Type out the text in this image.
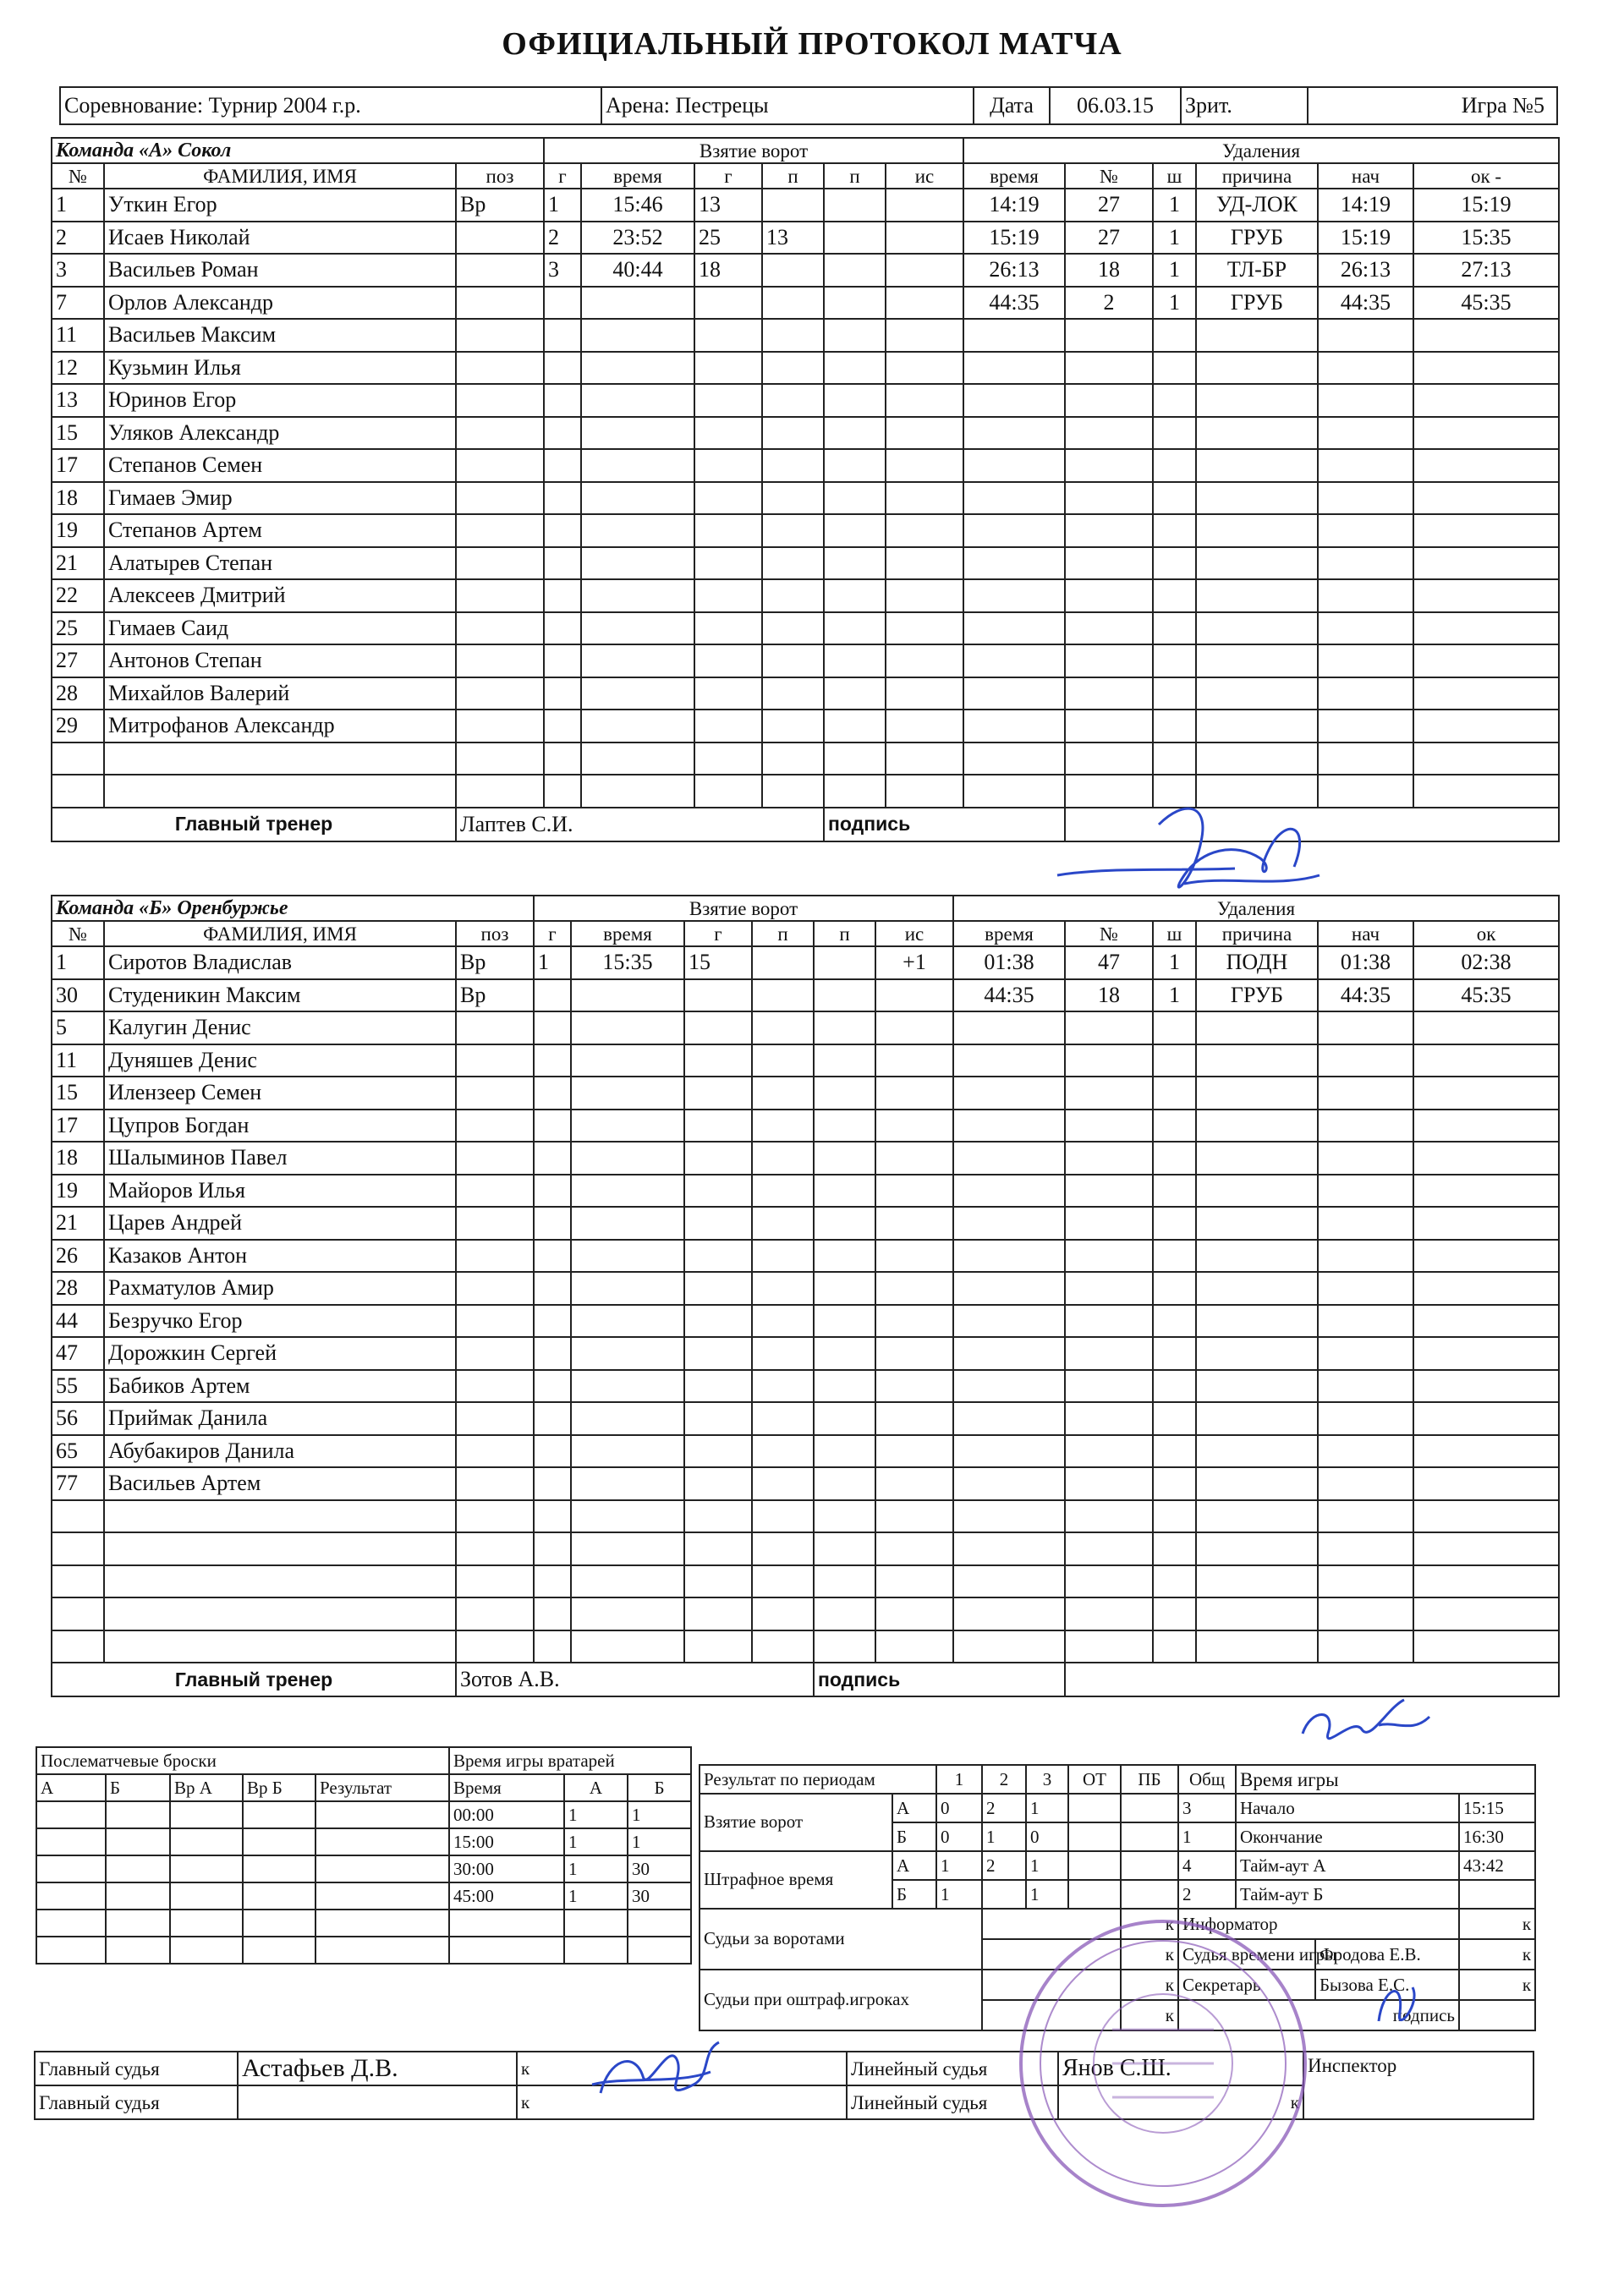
ОФИЦИАЛЬНЫЙ ПРОТОКОЛ МАТЧА
Соревнование: Турнир 2004 г.р.	Арена: Пестрецы	Дата	06.03.15	Зрит.	Игра №5
Команда «А» Сокол			Взятие ворот						Удаления					
№	ФАМИЛИЯ, ИМЯ	поз	г	время	г	п	п	ис	время	№	ш	причина	нач	ок -
1	Уткин Егор	Вр	1	15:46	13				14:19	27	1	УД-ЛОК	14:19	15:19
2	Исаев Николай		2	23:52	25	13			15:19	27	1	ГРУБ	15:19	15:35
3	Васильев Роман		3	40:44	18				26:13	18	1	ТЛ-БР	26:13	27:13
7	Орлов Александр								44:35	2	1	ГРУБ	44:35	45:35
11	Васильев Максим													
12	Кузьмин Илья													
13	Юринов Егор													
15	Уляков Александр													
17	Степанов Семен													
18	Гимаев Эмир													
19	Степанов Артем													
21	Алатырев Степан													
22	Алексеев Дмитрий													
25	Гимаев Саид													
27	Антонов Степан													
28	Михайлов Валерий													
29	Митрофанов Александр													

Главный тренер		Лаптев С.И.					подпись							
Команда «Б» Оренбуржье			Взятие ворот						Удаления					
№	ФАМИЛИЯ, ИМЯ	поз	г	время	г	п	п	ис	время	№	ш	причина	нач	ок
1	Сиротов Владислав	Вр	1	15:35	15			+1	01:38	47	1	ПОДН	01:38	02:38
30	Студеникин Максим	Вр							44:35	18	1	ГРУБ	44:35	45:35
5	Калугин Денис													
11	Дуняшев Денис													
15	Илензеер Семен													
17	Цупров Богдан													
18	Шалыминов Павел													
19	Майоров Илья													
21	Царев Андрей													
26	Казаков Антон													
28	Рахматулов Амир													
44	Безручко Егор													
47	Дорожкин Сергей													
55	Бабиков Артем													
56	Приймак Данила													
65	Абубакиров Данила													
77	Васильев Артем													

Главный тренер		Зотов А.В.					подпись							
Послематчевые броски				
А	Б	Вр А	Вр Б	Результат

Время игры вратарей		
Время	А	Б
00:00	1	1
15:00	1	1
30:00	1	30
45:00	1	30

Результат по периодам		1	2	3	ОТ	ПБ	Общ	Время игры		
Взятие ворот	А	0	2	1			3	Начало		15:15
	Б	0	1	0			1	Окончание		16:30
Штрафное время	А	1	2	1			4	Тайм-аут А		43:42
	Б	1		1			2	Тайм-аут Б		
Судьи за воротами						к	Информатор			к
						к	Судья времени игры		Фродова Е.В.	к
Судьи при оштраф.игроках						к	Секретарь		Бызова Е.С.	к
						к	подпись			
Главный судья	Астафьев Д.В.	к	Линейный судья	Янов С.Ш.	Инспектор
Главный судья		к	Линейный судья	к	
